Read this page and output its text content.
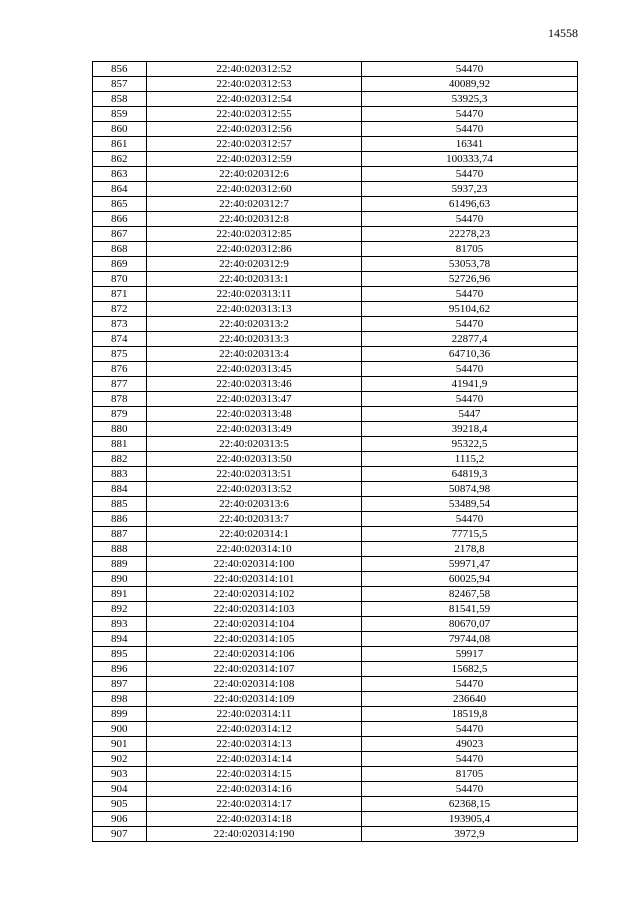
14558
856	22:40:020312:52	54470
857	22:40:020312:53	40089,92
858	22:40:020312:54	53925,3
859	22:40:020312:55	54470
860	22:40:020312:56	54470
861	22:40:020312:57	16341
862	22:40:020312:59	100333,74
863	22:40:020312:6	54470
864	22:40:020312:60	5937,23
865	22:40:020312:7	61496,63
866	22:40:020312:8	54470
867	22:40:020312:85	22278,23
868	22:40:020312:86	81705
869	22:40:020312:9	53053,78
870	22:40:020313:1	52726,96
871	22:40:020313:11	54470
872	22:40:020313:13	95104,62
873	22:40:020313:2	54470
874	22:40:020313:3	22877,4
875	22:40:020313:4	64710,36
876	22:40:020313:45	54470
877	22:40:020313:46	41941,9
878	22:40:020313:47	54470
879	22:40:020313:48	5447
880	22:40:020313:49	39218,4
881	22:40:020313:5	95322,5
882	22:40:020313:50	1115,2
883	22:40:020313:51	64819,3
884	22:40:020313:52	50874,98
885	22:40:020313:6	53489,54
886	22:40:020313:7	54470
887	22:40:020314:1	77715,5
888	22:40:020314:10	2178,8
889	22:40:020314:100	59971,47
890	22:40:020314:101	60025,94
891	22:40:020314:102	82467,58
892	22:40:020314:103	81541,59
893	22:40:020314:104	80670,07
894	22:40:020314:105	79744,08
895	22:40:020314:106	59917
896	22:40:020314:107	15682,5
897	22:40:020314:108	54470
898	22:40:020314:109	236640
899	22:40:020314:11	18519,8
900	22:40:020314:12	54470
901	22:40:020314:13	49023
902	22:40:020314:14	54470
903	22:40:020314:15	81705
904	22:40:020314:16	54470
905	22:40:020314:17	62368,15
906	22:40:020314:18	193905,4
907	22:40:020314:190	3972,9
